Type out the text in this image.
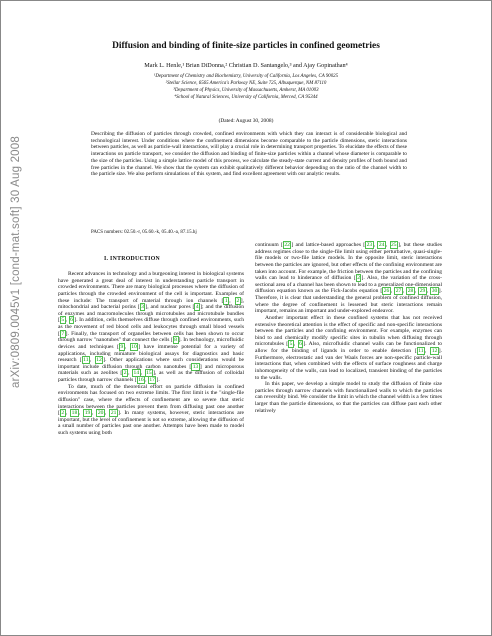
arXiv:0809.0045v1 [cond-mat.soft] 30 Aug 2008
Diffusion and binding of finite-size particles in confined geometries
Mark L. Henle,¹ Brian DiDonna,² Christian D. Santangelo,³ and Ajay Gopinathan⁴
¹Department of Chemistry and Biochemistry, University of California, Los Angeles, CA 90025
²Stellar Science, 6565 America's Parkway NE, Suite 725, Albuquerque, NM 87110
³Department of Physics, University of Massachusetts, Amherst, MA 01003
⁴School of Natural Sciences, University of California, Merced, CA 95344
(Dated: August 30, 2008)
Describing the diffusion of particles through crowded, confined environments with which they can interact is of considerable biological and technological interest. Under conditions where the confinement dimensions become comparable to the particle dimensions, steric interactions between particles, as well as particle-wall interactions, will play a crucial role in determining transport properties. To elucidate the effects of these interactions on particle transport, we consider the diffusion and binding of finite-size particles within a channel whose diameter is comparable to the size of the particles. Using a simple lattice model of this process, we calculate the steady-state current and density profiles of both bound and free particles in the channel. We show that the system can exhibit qualitatively different behavior depending on the ratio of the channel width to the particle size. We also perform simulations of this system, and find excellent agreement with our analytic results.
PACS numbers: 02.50.-r, 05.60.-k, 05.40.-a, 87.15.hj
I. INTRODUCTION

Recent advances in technology and a burgeoning interest in biological systems have generated a great deal of interest in understanding particle transport in crowded environments. There are many biological processes where the diffusion of particles through the crowded environment of the cell is important. Examples of these include: The transport of material through ion channels [ 1 , 2 ], mitochondrial and bacterial porins [ 3 ], and nuclear pores [ 4 ]; and the diffusion of enzymes and macromolecules through microtubules and microtubule bundles [ 5 , 6 ]. In addition, cells themselves diffuse through confined environments, such as the movement of red blood cells and leukocytes through small blood vessels [ 7 ]. Finally, the transport of organelles between cells has been shown to occur through narrow "nanotubes" that connect the cells [ 8 ]. In technology, microfluidic devices and techniques [ 9 , 10 ] have immense potential for a variety of applications, including miniature biological assays for diagnostics and basic research [ 11 , 12 ]. Other applications where such considerations would be important include diffusion through carbon nanotubes [ 13 ] and microporous materials such as zeolites [ 2 , 14 , 15 ], as well as the diffusion of colloidal particles through narrow channels [ 16 , 17 ].

To date, much of the theoretical effort on particle diffusion in confined environments has focused on two extreme limits. The first limit is the "single-file diffusion" case, where the effects of confinement are so severe that steric interactions between the particles prevent them from diffusing past one another [ 2 , 18 , 19 , 20 , 21 ]. In many systems, however, steric interactions are important, but the level of confinement is not so extreme, allowing the diffusion of a small number of particles past one another. Attempts have been made to model such systems using both

continuum [ 22 ] and lattice-based approaches [ 23 , 24 , 25 ], but these studies address regimes close to the single-file limit using either perturbative, quasi-single-file models or two-file lattice models. In the opposite limit, steric interactions between the particles are ignored, but other effects of the confining environment are taken into account. For example, the friction between the particles and the confining walls can lead to hinderance of diffusion [ 2 ]. Also, the variation of the cross-sectional area of a channel has been shown to lead to a generalized one-dimensional diffusion equation known as the Fick-Jacobs equation [ 26 , 27 , 28 , 29 , 30 ]. Therefore, it is clear that understanding the general problem of confined diffusion, where the degree of confinement is lessened but steric interactions remain important, remains an important and under-explored endeavor.

Another important effect in these confined systems that has not received extensive theoretical attention is the effect of specific and non-specific interactions between the particles and the confining environment. For example, enzymes can bind to and chemically modify specific sites in tubulin when diffusing through microtubules [ 5 , 6 ]. Also, microfluidic channel walls can be functionalized to allow for the binding of ligands in order to enable detection [ 11 , 12 ]. Furthermore, electrostatic and van der Waals forces are non-specific particle-wall interactions that, when combined with the effects of surface roughness and charge inhomogeneity of the walls, can lead to localized, transient binding of the particles to the walls.

In this paper, we develop a simple model to study the diffusion of finite size particles through narrow channels with functionalized walls to which the particles can reversibly bind. We consider the limit in which the channel width is a few times larger than the particle dimensions, so that the particles can diffuse past each other relatively
